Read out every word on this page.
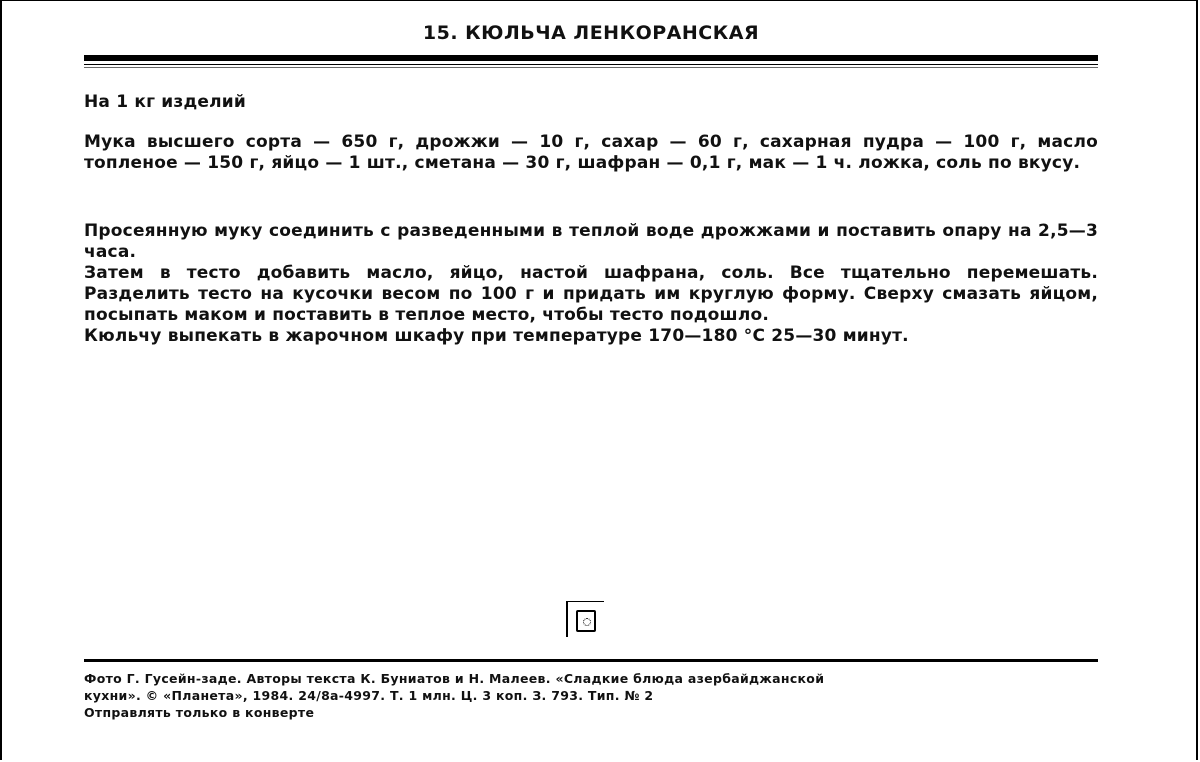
15. КЮЛЬЧА ЛЕНКОРАНСКАЯ
На 1 кг изделий
Мука высшего сорта — 650 г, дрожжи — 10 г, сахар — 60 г, сахарная пудра — 100 г, масло топленое — 150 г, яйцо — 1 шт., сметана — 30 г, шафран — 0,1 г, мак — 1 ч. ложка, соль по вкусу.

Просеянную муку соединить с разведенными в теплой воде дрожжами и поставить опару на 2,5—3 часа.

Затем в тесто добавить масло, яйцо, настой шафрана, соль. Все тщательно перемешать. Разделить тесто на кусочки весом по 100 г и придать им круглую форму. Сверху смазать яйцом, посыпать маком и поставить в теплое место, чтобы тесто подошло.

Кюльчу выпекать в жарочном шкафу при температуре 170—180 °С 25—30 минут.

Фото Г. Гусейн-заде. Авторы текста К. Буниатов и Н. Малеев. «Сладкие блюда азербайджанской
кухни». © «Планета», 1984. 24/8а-4997. Т. 1 млн. Ц. 3 коп. З. 793. Тип. № 2
Отправлять только в конверте
